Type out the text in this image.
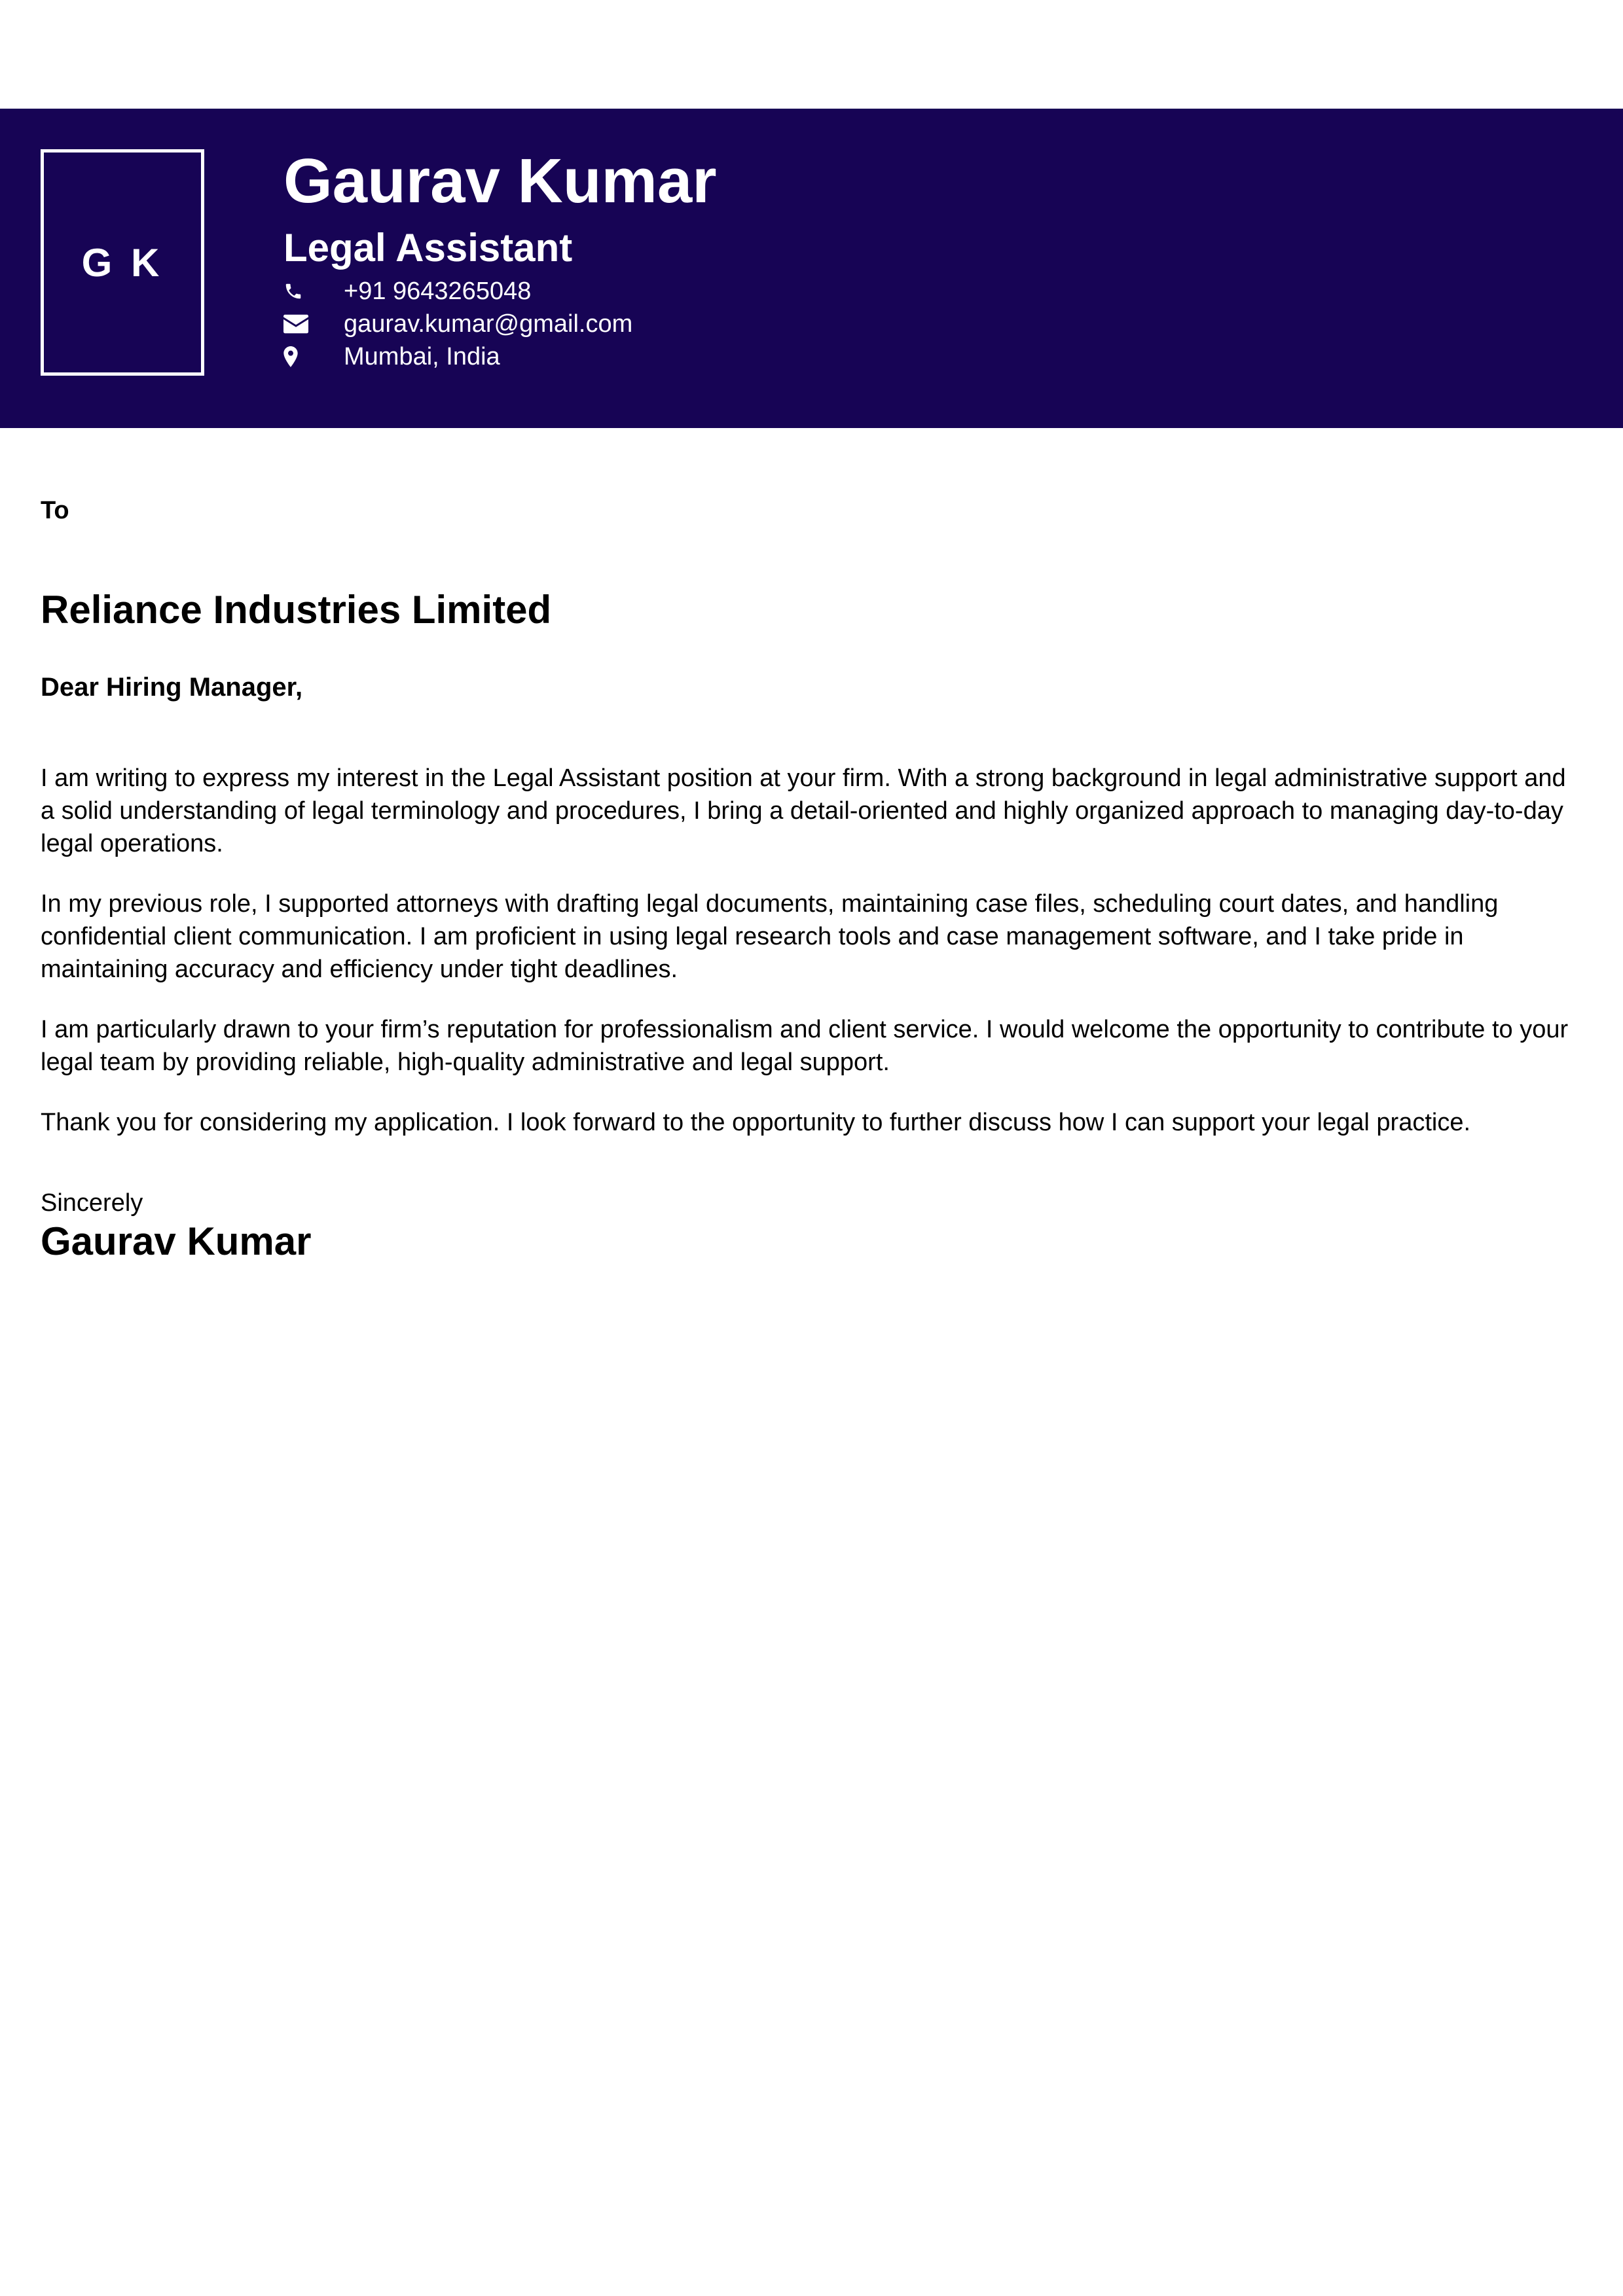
G K
Gaurav Kumar
Legal Assistant
+91 9643265048
gaurav.kumar@gmail.com
Mumbai, India

To

Reliance Industries Limited

Dear Hiring Manager,

I am writing to express my interest in the Legal Assistant position at your firm. With a strong background in legal administrative support and a solid understanding of legal terminology and procedures, I bring a detail-oriented and highly organized approach to managing day-to-day legal operations.

In my previous role, I supported attorneys with drafting legal documents, maintaining case files, scheduling court dates, and handling confidential client communication. I am proficient in using legal research tools and case management software, and I take pride in maintaining accuracy and efficiency under tight deadlines.

I am particularly drawn to your firm’s reputation for professionalism and client service. I would welcome the opportunity to contribute to your legal team by providing reliable, high-quality administrative and legal support.

Thank you for considering my application. I look forward to the opportunity to further discuss how I can support your legal practice.

Sincerely

Gaurav Kumar
